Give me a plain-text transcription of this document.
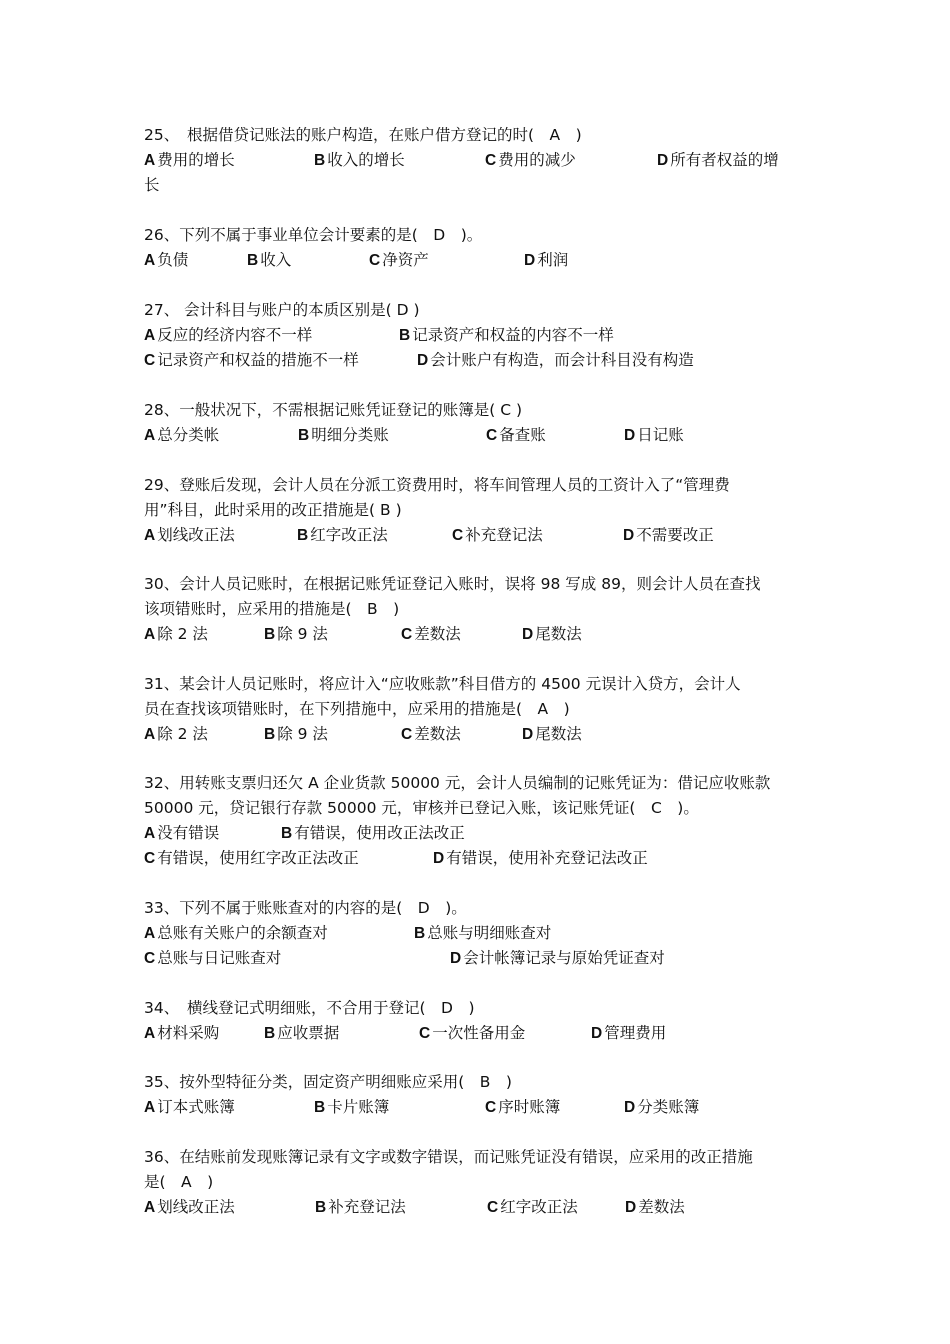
25、　根据借贷记账法的账户构造，在账户借方登记的时(　A　)
A 费用的增长	B 收入的增长	C 费用的减少	D 所有者权益的增
长
26、下列不属于事业单位会计要素的是(　D　)。
A 负债	B 收入	C 净资产	D 利润
27、 会计科目与账户的本质区别是( D )
A 反应的经济内容不一样	B 记录资产和权益的内容不一样
C 记录资产和权益的措施不一样	D 会计账户有构造，而会计科目没有构造
28、一般状况下，不需根据记账凭证登记的账簿是( C )
A 总分类帐	B 明细分类账	C 备查账	D 日记账
29、登账后发现，会计人员在分派工资费用时，将车间管理人员的工资计入了“管理费
用”科目，此时采用的改正措施是( B )
A 划线改正法	B 红字改正法	C 补充登记法	D 不需要改正
30、会计人员记账时，在根据记账凭证登记入账时，误将 98 写成 89，则会计人员在查找
该项错账时，应采用的措施是(　B　)
A 除 2 法	B 除 9 法	C 差数法	D 尾数法
31、某会计人员记账时，将应计入“应收账款”科目借方的 4500 元误计入贷方，会计人
员在查找该项错账时，在下列措施中，应采用的措施是(　A　)
A 除 2 法	B 除 9 法	C 差数法	D 尾数法
32、用转账支票归还欠 A 企业货款 50000 元，会计人员编制的记账凭证为：借记应收账款
50000 元，贷记银行存款 50000 元，审核并已登记入账，该记账凭证(　C　)。
A 没有错误	B 有错误，使用改正法改正
C 有错误，使用红字改正法改正	D 有错误，使用补充登记法改正
33、下列不属于账账查对的内容的是(　D　)。
A 总账有关账户的余额查对	B 总账与明细账查对
C 总账与日记账查对	D 会计帐簿记录与原始凭证查对
34、　横线登记式明细账，不合用于登记(　D　)
A 材料采购	B 应收票据	C 一次性备用金	D 管理费用
35、按外型特征分类，固定资产明细账应采用(　B　)
A 订本式账簿	B 卡片账簿	C 序时账簿	D 分类账簿
36、在结账前发现账簿记录有文字或数字错误，而记账凭证没有错误，应采用的改正措施
是(　A　)
A 划线改正法	B 补充登记法	C 红字改正法	D 差数法
